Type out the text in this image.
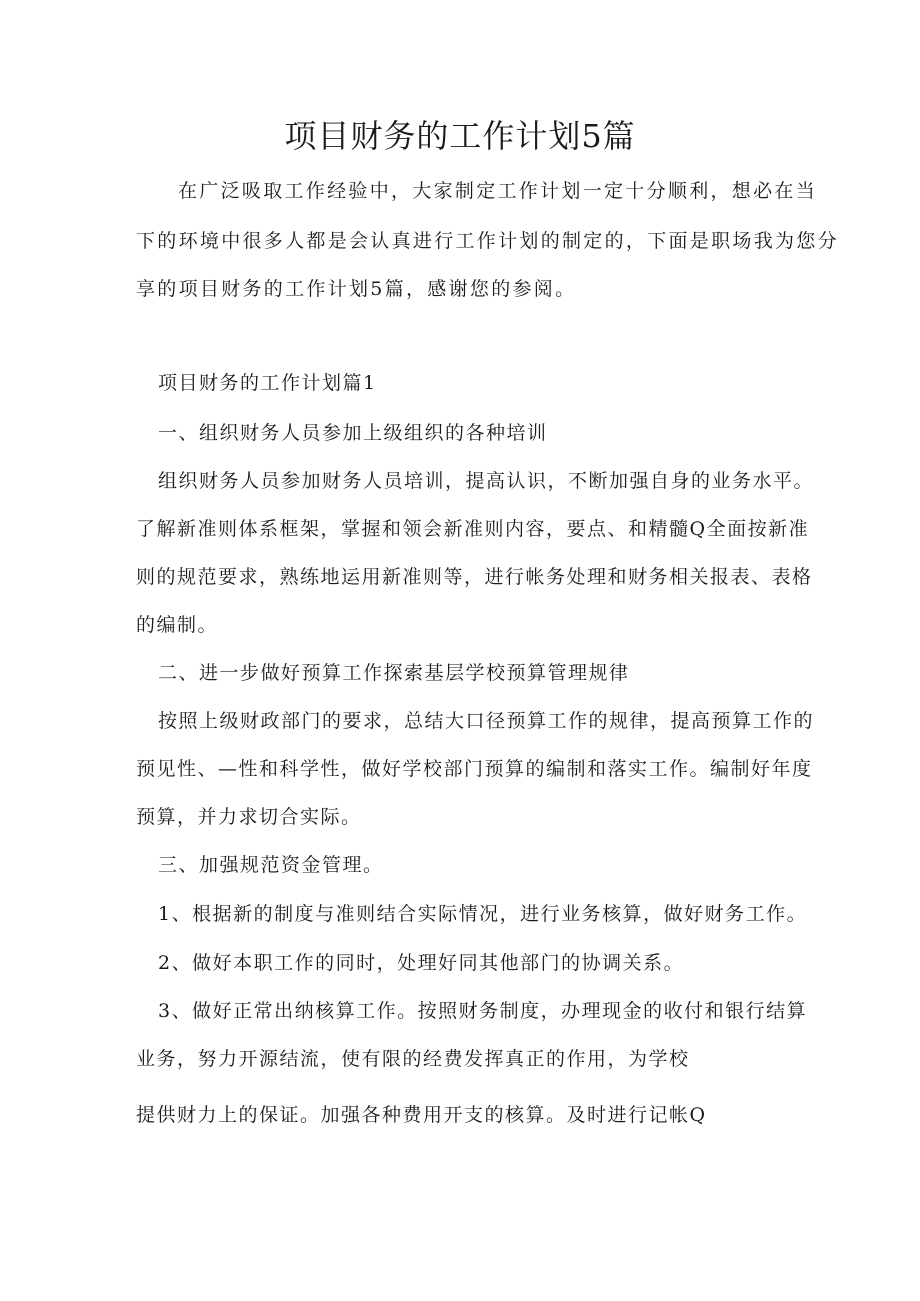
项目财务的工作计划5篇
在广泛吸取工作经验中，大家制定工作计划一定十分顺利，想必在当
下的环境中很多人都是会认真进行工作计划的制定的，下面是职场我为您分
享的项目财务的工作计划5篇，感谢您的参阅。
项目财务的工作计划篇1
一、组织财务人员参加上级组织的各种培训
组织财务人员参加财务人员培训，提高认识，不断加强自身的业务水平。
了解新准则体系框架，掌握和领会新准则内容，要点、和精髓Q全面按新准
则的规范要求，熟练地运用新准则等，进行帐务处理和财务相关报表、表格
的编制。
二、进一步做好预算工作探索基层学校预算管理规律
按照上级财政部门的要求，总结大口径预算工作的规律，提高预算工作的
预见性、—性和科学性，做好学校部门预算的编制和落实工作。编制好年度
预算，并力求切合实际。
三、加强规范资金管理。
1、根据新的制度与准则结合实际情况，进行业务核算，做好财务工作。
2、做好本职工作的同时，处理好同其他部门的协调关系。
3、做好正常出纳核算工作。按照财务制度，办理现金的收付和银行结算
业务，努力开源结流，使有限的经费发挥真正的作用，为学校
提供财力上的保证。加强各种费用开支的核算。及时进行记帐Q
